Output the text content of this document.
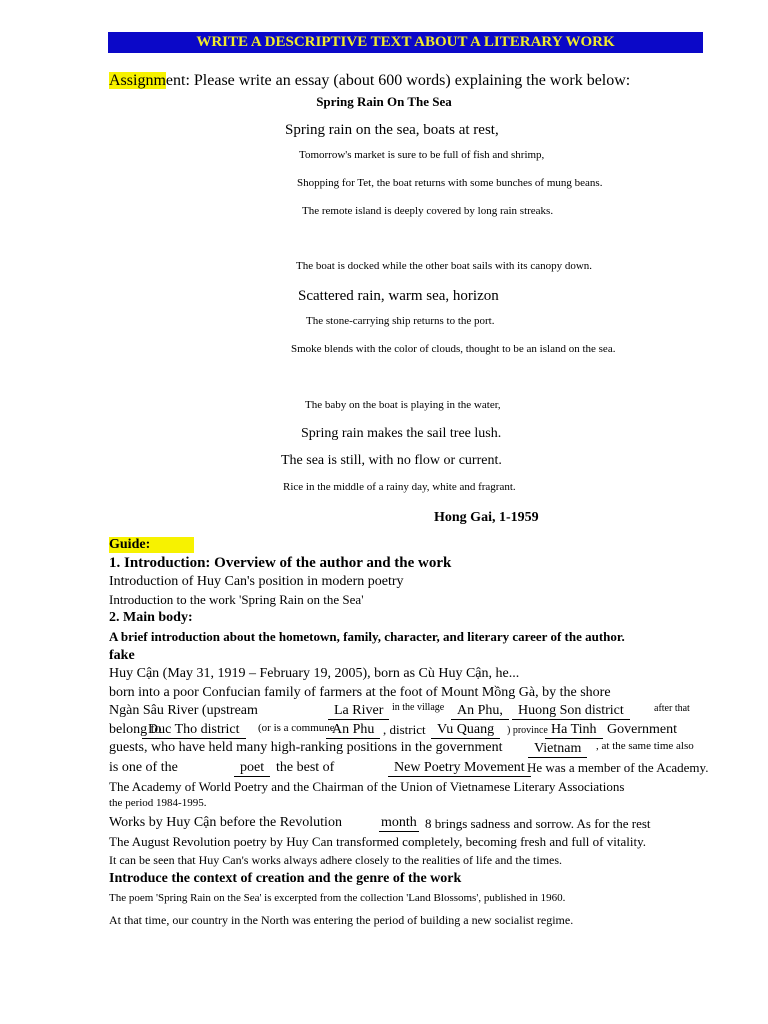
WRITE A DESCRIPTIVE TEXT ABOUT A LITERARY WORK
Assignment: Please write an essay (about 600 words) explaining the work below:
Spring Rain On The Sea
Spring rain on the sea, boats at rest,
Tomorrow's market is sure to be full of fish and shrimp,
Shopping for Tet, the boat returns with some bunches of mung beans.
The remote island is deeply covered by long rain streaks.
The boat is docked while the other boat sails with its canopy down.
Scattered rain, warm sea, horizon
The stone-carrying ship returns to the port.
Smoke blends with the color of clouds, thought to be an island on the sea.
The baby on the boat is playing in the water,
Spring rain makes the sail tree lush.
The sea is still, with no flow or current.
Rice in the middle of a rainy day, white and fragrant.
Hong Gai, 1-1959
Guide:
1. Introduction: Overview of the author and the work
Introduction of Huy Can's position in modern poetry
Introduction to the work 'Spring Rain on the Sea'
2. Main body:
A brief introduction about the hometown, family, character, and literary career of the author.
fake
Huy Cận (May 31, 1919 – February 19, 2005), born as Cù Huy Cận, he...
born into a poor Confucian family of farmers at the foot of Mount Mồng Gà, by the shore
Ngàn Sâu River (upstream	La River in the village An Phu,	Huong Son district	after that
belong to
Duc Tho district	(or is a commune
An Phu , district Vu Quang	) province Ha Tinh Government
guests, who have held many high-ranking positions in the government	Vietnam	, at the same time also
is one of the	poet the best of	New Poetry Movement He was a member of the Academy.
The Academy of World Poetry and the Chairman of the Union of Vietnamese Literary Associations
the period 1984-1995.
Works by Huy Cận before the Revolution	month 8 brings sadness and sorrow. As for the rest
The August Revolution poetry by Huy Can transformed completely, becoming fresh and full of vitality.
It can be seen that Huy Can's works always adhere closely to the realities of life and the times.
Introduce the context of creation and the genre of the work
The poem 'Spring Rain on the Sea' is excerpted from the collection 'Land Blossoms', published in 1960.
At that time, our country in the North was entering the period of building a new socialist regime.
